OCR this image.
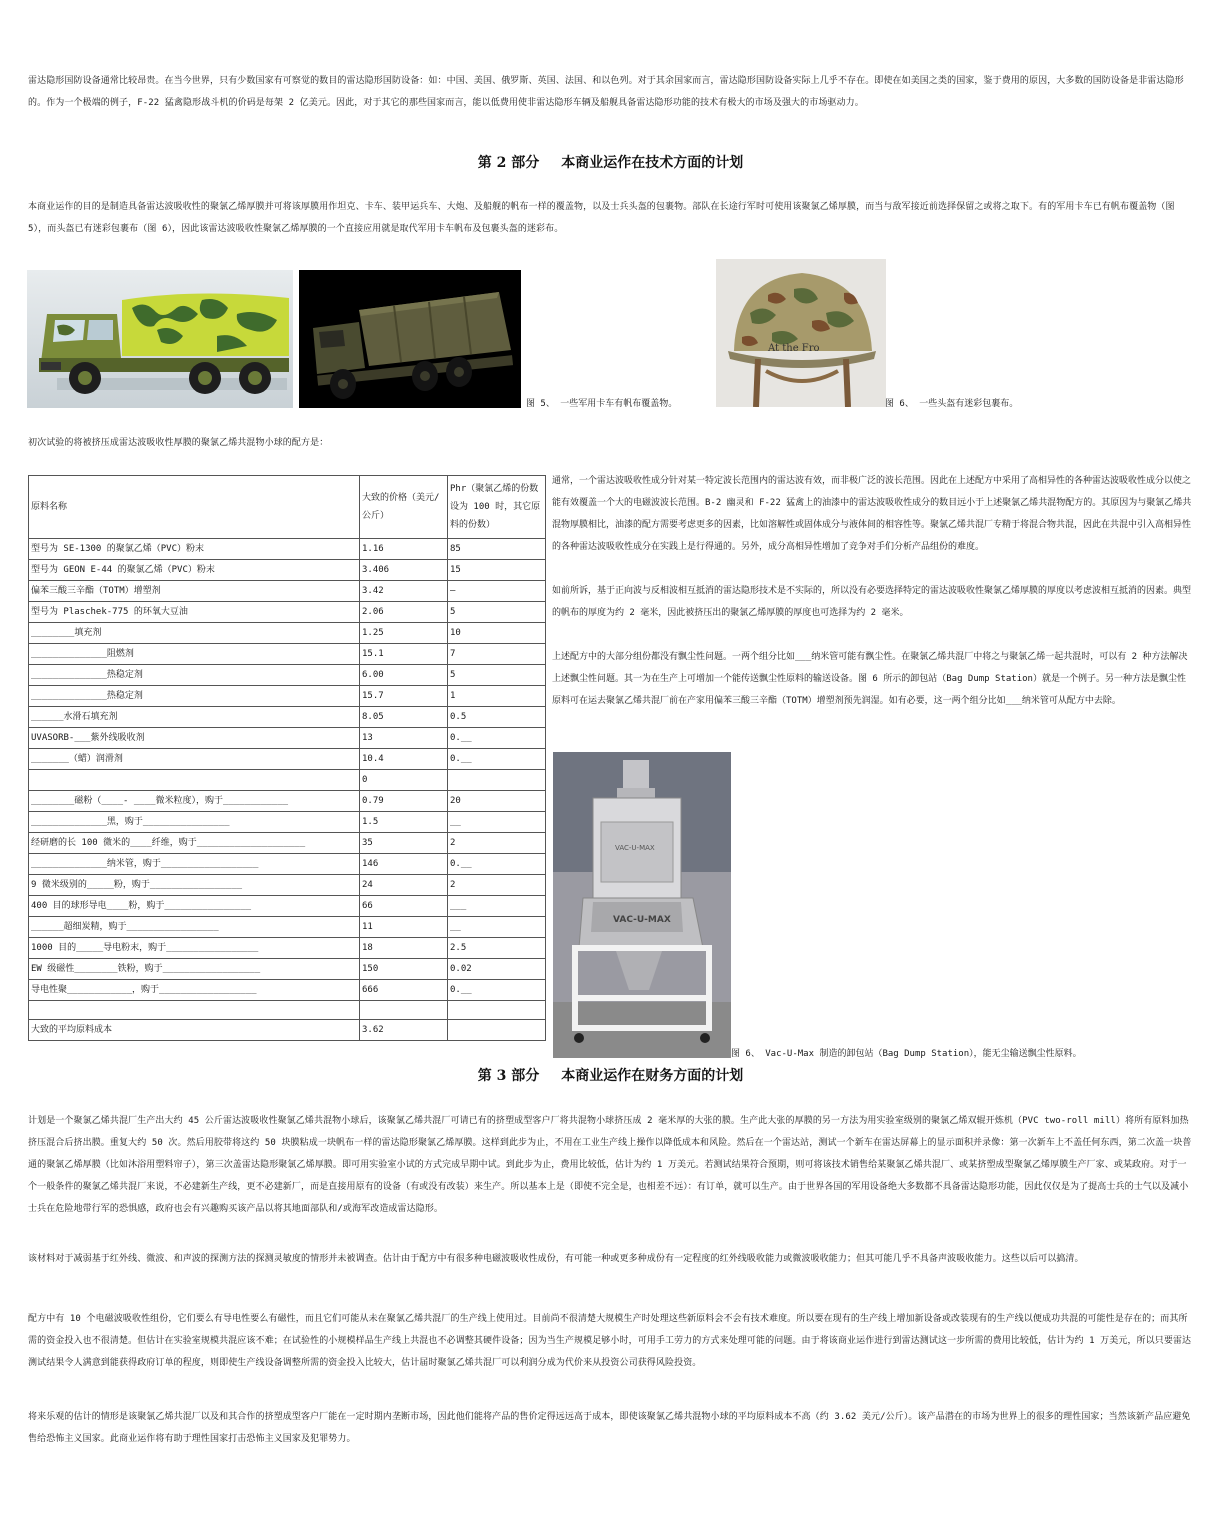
雷达隐形国防设备通常比较昂贵。在当今世界，只有少数国家有可察觉的数目的雷达隐形国防设备：如：中国、美国、俄罗斯、英国、法国、和以色列。对于其余国家而言，雷达隐形国防设备实际上几乎不存在。即使在如美国之类的国家，鉴于费用的原因，大多数的国防设备是非雷达隐形的。作为一个极端的例子，F-22 猛禽隐形战斗机的价码是每架 2 亿美元。因此，对于其它的那些国家而言，能以低费用使非雷达隐形车辆及船舰具备雷达隐形功能的技术有极大的市场及强大的市场驱动力。
第 2 部分 本商业运作在技术方面的计划
本商业运作的目的是制造具备雷达波吸收性的聚氯乙烯厚膜并可将该厚膜用作坦克、卡车、装甲运兵车、大炮、及船舰的帆布一样的覆盖物，以及士兵头盔的包裹物。部队在长途行军时可使用该聚氯乙烯厚膜，而当与敌军接近前选择保留之或将之取下。有的军用卡车已有帆布覆盖物（图 5），而头盔已有迷彩包裹布（图 6），因此该雷达波吸收性聚氯乙烯厚膜的一个直接应用就是取代军用卡车帆布及包裹头盔的迷彩布。
图 5、 一些军用卡车有帆布覆盖物。
At the Fro
图 6、 一些头盔有迷彩包裹布。
初次试验的将被挤压成雷达波吸收性厚膜的聚氯乙烯共混物小球的配方是：
原料名称	大致的价格（美元/公斤）	Phr（聚氯乙烯的份数设为 100 时，其它原料的份数）
型号为 SE-1300 的聚氯乙烯（PVC）粉末	1.16	85
型号为 GEON E-44 的聚氯乙烯（PVC）粉末	3.406	15
偏苯三酸三辛酯（TOTM）增塑剂	3.42	—
型号为 Plaschek-775 的环氧大豆油	2.06	5
________填充剂	1.25	10
______________阻燃剂	15.1	7
______________热稳定剂	6.00	5
______________热稳定剂	15.7	1
______水滑石填充剂	8.05	0.5
UVASORB-___紫外线吸收剂	13	0.__
_______（蜡）润滑剂	10.4	0.__
	0	
________磁粉（____- ____微米粒度），购于____________	0.79	20
______________黑，购于________________	1.5	__
经研磨的长 100 微米的____纤维，购于____________________	35	2
______________纳米管，购于__________________	146	0.__
9 微米级别的_____粉，购于_________________	24	2
400 目的球形导电____粉，购于________________	66	___
______超细炭精，购于_________________	11	__
1000 目的_____导电粉末，购于_________________	18	2.5
EW 级磁性________铁粉，购于__________________	150	0.02
导电性聚____________，购于__________________	666	0.__

大致的平均原料成本	3.62	
通常，一个雷达波吸收性成分针对某一特定波长范围内的雷达波有效，而非极广泛的波长范围。因此在上述配方中采用了高相异性的各种雷达波吸收性成分以使之能有效覆盖一个大的电磁波波长范围。B-2 幽灵和 F-22 猛禽上的油漆中的雷达波吸收性成分的数目远小于上述聚氯乙烯共混物配方的。其原因为与聚氯乙烯共混物厚膜相比，油漆的配方需要考虑更多的因素，比如溶解性或固体成分与液体间的相容性等。聚氯乙烯共混厂专精于将混合物共混，因此在共混中引入高相异性的各种雷达波吸收性成分在实践上是行得通的。另外，成分高相异性增加了竞争对手们分析产品组份的难度。
如前所诉，基于正向波与反相波相互抵消的雷达隐形技术是不实际的，所以没有必要选择特定的雷达波吸收性聚氯乙烯厚膜的厚度以考虑波相互抵消的因素。典型的帆布的厚度为约 2 毫米，因此被挤压出的聚氯乙烯厚膜的厚度也可选择为约 2 毫米。
上述配方中的大部分组份都没有飘尘性问题。一两个组分比如___纳米管可能有飘尘性。在聚氯乙烯共混厂中将之与聚氯乙烯一起共混时，可以有 2 种方法解决上述飘尘性问题。其一为在生产上可增加一个能传送飘尘性原料的输送设备。图 6 所示的卸包站（Bag Dump Station）就是一个例子。另一种方法是飘尘性原料可在运去聚氯乙烯共混厂前在产家用偏苯三酸三辛酯（TOTM）增塑剂预先润湿。如有必要，这一两个组分比如___纳米管可从配方中去除。
VAC-U-MAX
VAC-U-MAX
图 6、 Vac-U-Max 制造的卸包站（Bag Dump Station），能无尘输送飘尘性原料。
第 3 部分 本商业运作在财务方面的计划
计划是一个聚氯乙烯共混厂生产出大约 45 公斤雷达波吸收性聚氯乙烯共混物小球后，该聚氯乙烯共混厂可请已有的挤塑成型客户厂将共混物小球挤压成 2 毫米厚的大张的膜。生产此大张的厚膜的另一方法为用实验室级别的聚氯乙烯双辊开炼机（PVC two-roll mill）将所有原料加热挤压混合后挤出膜。重复大约 50 次。然后用胶带将这约 50 块膜粘成一块帆布一样的雷达隐形聚氯乙烯厚膜。这样到此步为止，不用在工业生产线上操作以降低成本和风险。然后在一个雷达站，测试一个新车在雷达屏幕上的显示面积并录像：第一次新车上不盖任何东西，第二次盖一块普通的聚氯乙烯厚膜（比如沐浴用塑料帘子），第三次盖雷达隐形聚氯乙烯厚膜。即可用实验室小试的方式完成早期中试。到此步为止，费用比较低，估计为约 1 万美元。若测试结果符合预期，则可将该技术销售给某聚氯乙烯共混厂、或某挤塑成型聚氯乙烯厚膜生产厂家、或某政府。对于一个一般条件的聚氯乙烯共混厂来说，不必建新生产线，更不必建新厂，而是直接用原有的设备（有或没有改装）来生产。所以基本上是（即使不完全是，也相差不远）：有订单，就可以生产。由于世界各国的军用设备绝大多数都不具备雷达隐形功能，因此仅仅是为了提高士兵的士气以及减小士兵在危险地带行军的恐惧感，政府也会有兴趣购买该产品以将其地面部队和/或海军改造成雷达隐形。
该材料对于减弱基于红外线、微波、和声波的探测方法的探测灵敏度的情形并未被调查。估计由于配方中有很多种电磁波吸收性成份，有可能一种或更多种成份有一定程度的红外线吸收能力或微波吸收能力；但其可能几乎不具备声波吸收能力。这些以后可以搞清。
配方中有 10 个电磁波吸收性组份，它们要么有导电性要么有磁性，而且它们可能从未在聚氯乙烯共混厂的生产线上使用过。目前尚不很清楚大规模生产时处理这些新原料会不会有技术难度。所以要在现有的生产线上增加新设备或改装现有的生产线以便成功共混的可能性是存在的；而其所需的资金投入也不很清楚。但估计在实验室规模共混应该不难；在试验性的小规模样品生产线上共混也不必调整其硬件设备；因为当生产规模足够小时，可用手工劳力的方式来处理可能的问题。由于将该商业运作进行到雷达测试这一步所需的费用比较低，估计为约 1 万美元，所以只要雷达测试结果令人满意到能获得政府订单的程度，则即使生产线设备调整所需的资金投入比较大，估计届时聚氯乙烯共混厂可以利润分成为代价来从投资公司获得风险投资。
将来乐观的估计的情形是该聚氯乙烯共混厂以及和其合作的挤塑成型客户厂能在一定时期内垄断市场，因此他们能将产品的售价定得远远高于成本，即使该聚氯乙烯共混物小球的平均原料成本不高（约 3.62 美元/公斤）。该产品潜在的市场为世界上的很多的理性国家；当然该新产品应避免售给恐怖主义国家。此商业运作将有助于理性国家打击恐怖主义国家及犯罪势力。
